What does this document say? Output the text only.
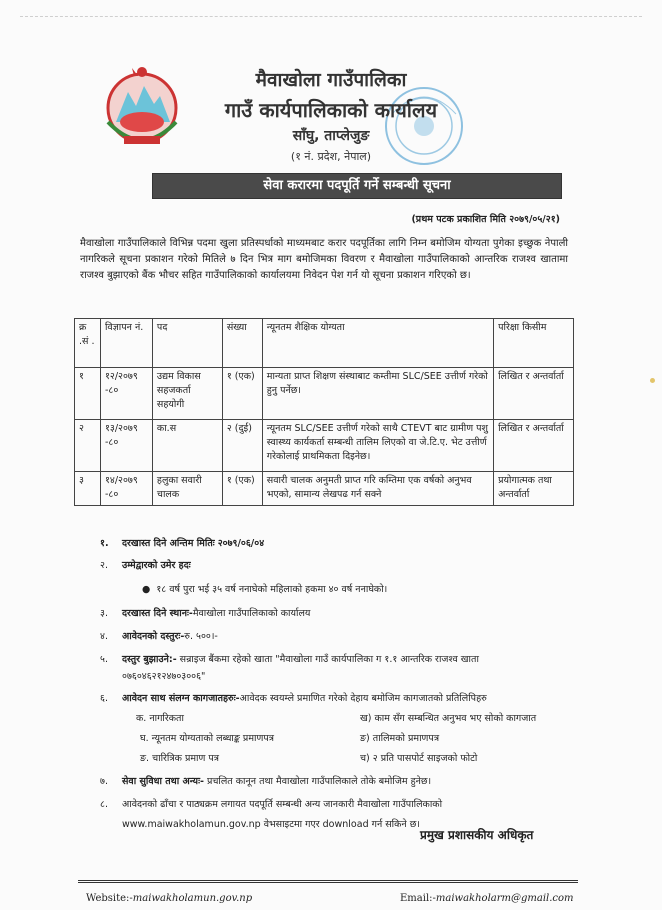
मैवाखोला गाउँपालिका
गाउँ कार्यपालिकाको कार्यालय
साँघु, ताप्लेजुङ
(१ नं. प्रदेश, नेपाल)
सेवा करारमा पदपूर्ति गर्ने सम्बन्धी सूचना
(प्रथम पटक प्रकाशित मिति २०७९/०५/२१)
मैवाखोला गाउँपालिकाले विभिन्न पदमा खुला प्रतिस्पर्धाको माध्यमबाट करार पदपूर्तिका लागि निम्न बमोजिम योग्यता पुगेका इच्छुक नेपाली नागरिकले सूचना प्रकाशन गरेको मितिले ७ दिन भित्र माग बमोजिमका विवरण र मैवाखोला गाउँपालिकाको आन्तरिक राजश्व खातामा राजश्व बुझाएको बैंक भौचर सहित गाउँपालिकाको कार्यालयमा निवेदन पेश गर्न यो सूचना प्रकाशन गरिएको छ।
क्र .सं .	विज्ञापन नं.	पद	संख्या	न्यूनतम शैक्षिक योग्यता	परिक्षा किसीम
१	१२/२०७९ -८०	उद्यम विकास सहजकर्ता सहयोगी	१ (एक)	मान्यता प्राप्त शिक्षण संस्थाबाट कम्तीमा SLC/SEE उत्तीर्ण गरेको हुनु पर्नेछ।	लिखित र अन्तर्वार्ता
२	१३/२०७९ -८०	का.स	२ (दुई)	न्यूनतम SLC/SEE उत्तीर्ण गरेको साथै CTEVT बाट ग्रामीण पशु स्वास्थ्य कार्यकर्ता सम्बन्धी तालिम लिएको वा जे.टि.ए. भेट उत्तीर्ण गरेकोलाई प्राथमिकता दिइनेछ।	लिखित र अन्तर्वार्ता
३	१४/२०७९ -८०	हलुका सवारी चालक	१ (एक)	सवारी चालक अनुमती प्राप्त गरि कम्तिमा एक वर्षको अनुभव भएको, सामान्य लेखपढ गर्न सक्ने	प्रयोगात्मक तथा अन्तर्वार्ता
१. दरखास्त दिने अन्तिम मितिः २०७९/०६/०४
२. उम्मेद्वारको उमेर हदः
● १८ वर्ष पुरा भई ३५ वर्ष ननाघेको महिलाको हकमा ४० वर्ष ननाघेको।
३. दरखास्त दिने स्थानः-मैवाखोला गाउँपालिकाको कार्यालय
४. आवेदनको दस्तुरः-रु. ५००।-
५. दस्तुर बुझाउने:- सन्राइज बैंकमा रहेको खाता "मैवाखोला गाउँ कार्यपालिका ग १.१ आन्तरिक राजश्व खाता
०७६०४६२१२४७०३००६"
६. आवेदन साथ संलग्न कागजातहरुः-आवेदक स्वयम्ले प्रमाणित गरेको देहाय बमोजिम कागजातको प्रतिलिपिहरु
क. नागरिकता	ख) काम सँग सम्बन्धित अनुभव भए सोको कागजात
घ. न्यूनतम योग्यताको लब्धाङ्क प्रमाणपत्र	ङ) तालिमको प्रमाणपत्र
ङ. चारित्रिक प्रमाण पत्र	च) २ प्रति पासपोर्ट साइजको फोटो
७. सेवा सुविधा तथा अन्यः- प्रचलित कानून तथा मैवाखोला गाउँपालिकाले तोके बमोजिम हुनेछ।
८. आवेदनको ढाँचा र पाठ्यक्रम लगायत पदपूर्ति सम्बन्धी अन्य जानकारी मैवाखोला गाउँपालिकाको
www.maiwakholamun.gov.np वेभसाइटमा गएर download गर्न सकिने छ।
प्रमुख प्रशासकीय अधिकृत
Website:-maiwakholamun.gov.np	Email:-maiwakholarm@gmail.com
